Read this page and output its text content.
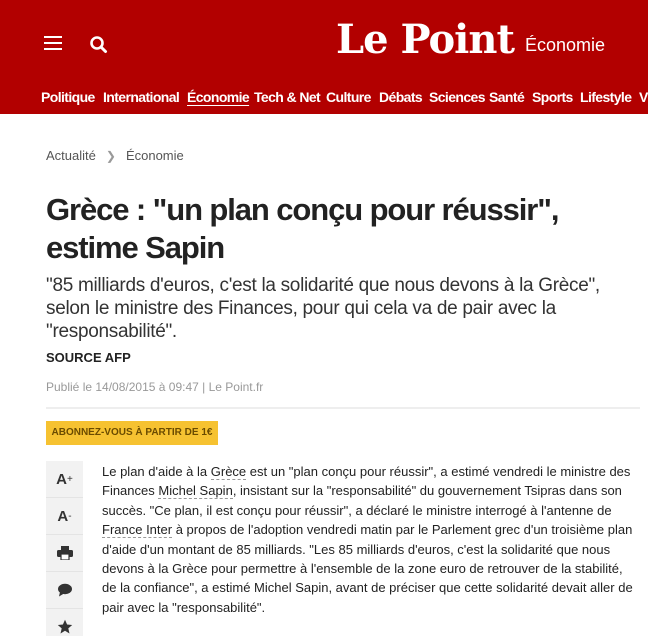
Le Point Économie
Politique International Économie Tech & Net Culture Débats Sciences Santé Sports Lifestyle V
Actualité ❯ Économie
Grèce : "un plan conçu pour réussir", estime Sapin

"85 milliards d'euros, c'est la solidarité que nous devons à la Grèce", selon le ministre des Finances, pour qui cela va de pair avec la "responsabilité".

SOURCE AFP
Publié le 14/08/2015 à 09:47 | Le Point.fr
ABONNEZ-VOUS À PARTIR DE 1€
A +
A -
Le plan d'aide à la Grèce est un "plan conçu pour réussir", a estimé vendredi le ministre des Finances Michel Sapin, insistant sur la "responsabilité" du gouvernement Tsipras dans son succès. "Ce plan, il est conçu pour réussir", a déclaré le ministre interrogé à l'antenne de France Inter à propos de l'adoption vendredi matin par le Parlement grec d'un troisième plan d'aide d'un montant de 85 milliards. "Les 85 milliards d'euros, c'est la solidarité que nous devons à la Grèce pour permettre à l'ensemble de la zone euro de retrouver de la stabilité, de la confiance", a estimé Michel Sapin, avant de préciser que cette solidarité devait aller de pair avec la "responsabilité".
